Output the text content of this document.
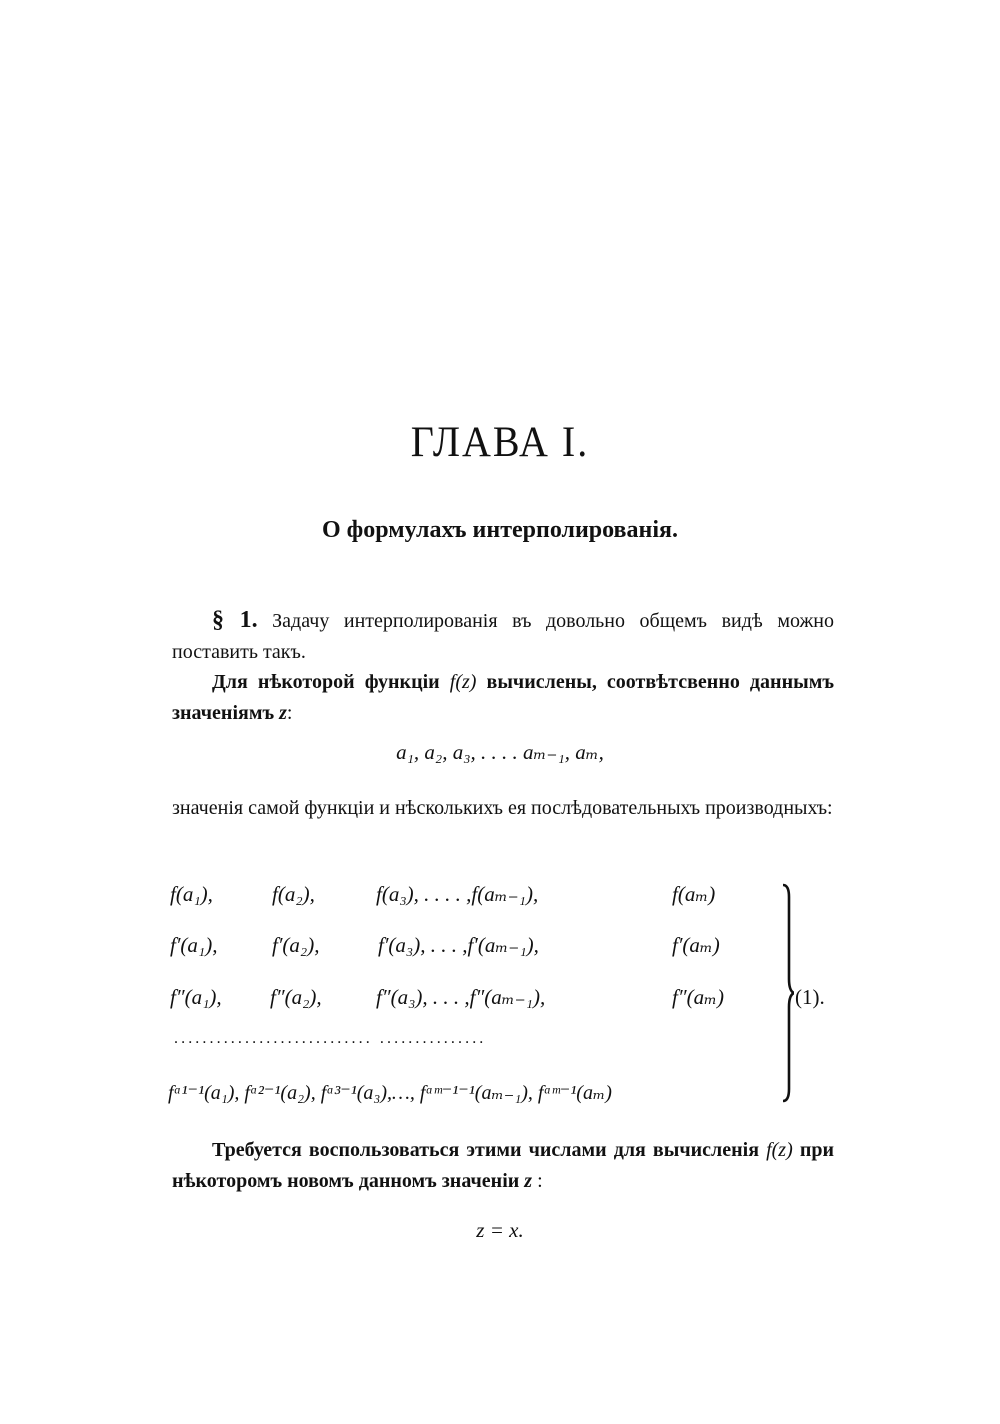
ГЛАВА I.
О формулахъ интерполированія.
§ 1. Задачу интерполированія въ довольно общемъ видѣ можно поставить такъ.
Для нѣкоторой функціи f(z) вычислены, соотвѣтсвенно даннымъ значеніямъ z:
a₁, a₂, a₃, . . . . aₘ₋₁, aₘ,
значенія самой функціи и нѣсколькихъ ея послѣдовательныхъ производныхъ:
f(a₁),	f(a₂),	f(a₃), . . . . ,f(aₘ₋₁),	f(aₘ)
f′(a₁),	f′(a₂),	f′(a₃), . . . ,f′(aₘ₋₁),	f′(aₘ)
f″(a₁), f″(a₂),	f″(a₃), . . . ,f″(aₘ₋₁),	f″(aₘ)
............................ ...............
fᵅ¹⁻¹(a₁), fᵅ²⁻¹(a₂), fᵅ³⁻¹(a₃),…, fᵅᵐ⁻¹⁻¹(aₘ₋₁), fᵅᵐ⁻¹(aₘ)
(1).
Требуется воспользоваться этими числами для вычисленія f(z) при нѣкоторомъ новомъ данномъ значеніи z :
z = x.
